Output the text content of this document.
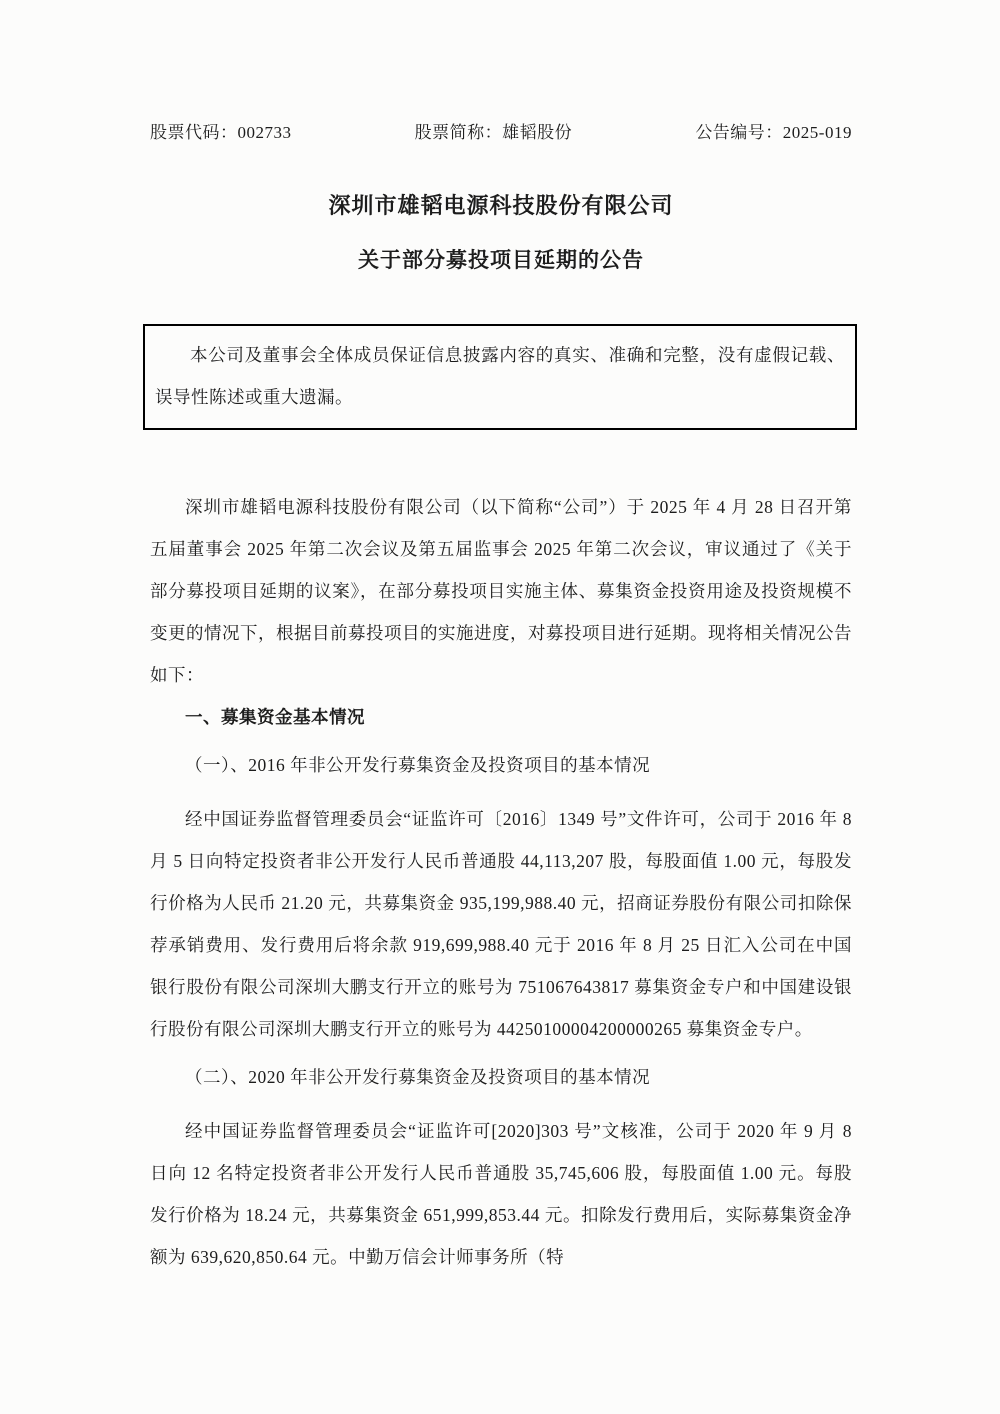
股票代码：002733	股票简称：雄韬股份	公告编号：2025-019
深圳市雄韬电源科技股份有限公司
关于部分募投项目延期的公告

本公司及董事会全体成员保证信息披露内容的真实、准确和完整，没有虚假记载、误导性陈述或重大遗漏。

深圳市雄韬电源科技股份有限公司（以下简称“公司”）于 2025 年 4 月 28 日召开第五届董事会 2025 年第二次会议及第五届监事会 2025 年第二次会议，审议通过了《关于部分募投项目延期的议案》，在部分募投项目实施主体、募集资金投资用途及投资规模不变更的情况下，根据目前募投项目的实施进度，对募投项目进行延期。现将相关情况公告如下：

一、募集资金基本情况

（一）、2016 年非公开发行募集资金及投资项目的基本情况

经中国证券监督管理委员会“证监许可〔2016〕1349 号”文件许可，公司于 2016 年 8 月 5 日向特定投资者非公开发行人民币普通股 44,113,207 股，每股面值 1.00 元，每股发行价格为人民币 21.20 元，共募集资金 935,199,988.40 元，招商证券股份有限公司扣除保荐承销费用、发行费用后将余款 919,699,988.40 元于 2016 年 8 月 25 日汇入公司在中国银行股份有限公司深圳大鹏支行开立的账号为 751067643817 募集资金专户和中国建设银行股份有限公司深圳大鹏支行开立的账号为 44250100004200000265 募集资金专户。

（二）、2020 年非公开发行募集资金及投资项目的基本情况

经中国证券监督管理委员会“证监许可[2020]303 号”文核准，公司于 2020 年 9 月 8 日向 12 名特定投资者非公开发行人民币普通股 35,745,606 股，每股面值 1.00 元。每股发行价格为 18.24 元，共募集资金 651,999,853.44 元。扣除发行费用后，实际募集资金净额为 639,620,850.64 元。中勤万信会计师事务所（特
